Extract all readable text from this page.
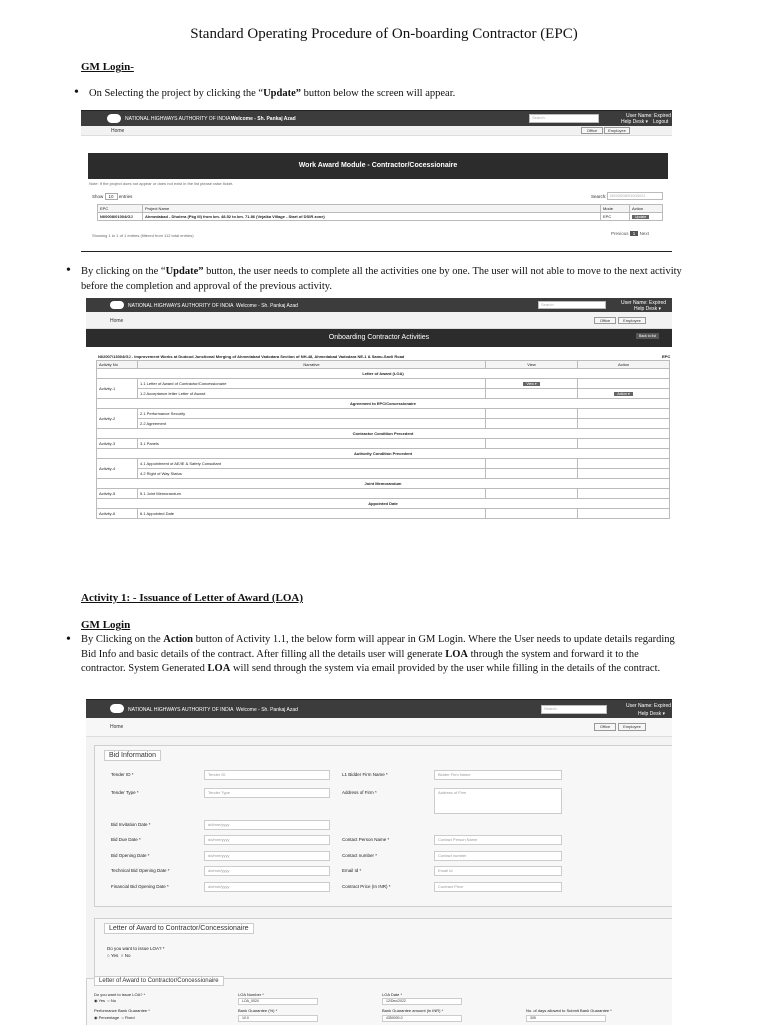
Standard Operating Procedure of On-boarding Contractor (EPC)
GM Login-
• On Selecting the project by clicking the “Update” button below the screen will appear.
NATIONAL HIGHWAYS AUTHORITY OF INDIA Welcome - Sh. Pankaj Azad	Search	User Name: Expired
Help Desk ▾ Logout
Home	Office	Employee
Work Award Module - Contractor/Cocessionaire
Note: If the project does not appear or does not exist in the list please raise ticket.
Show 10 entries	Search: NXI/0008/01004/GJ
EPC	Project Name	Mode	Action
NI/0008/01004/GJ	Ahmedabad - Dholera (Pkg III) from km. 48.52 to km. 71.86 (Vejalka Village - Start of DSIR zone)	EPC	Update
Showing 1 to 1 of 1 entries (filtered from 112 total entries)	Previous 1 Next
• By clicking on the “Update” button, the user needs to complete all the activities one by one. The user will not able to move to the next activity before the completion and approval of the previous activity.
NATIONAL HIGHWAYS AUTHORITY OF INDIA Welcome - Sh. Pankaj Azad	Search	User Name: Expired
Help Desk ▾
Home	Office	Employee
Onboarding Contractor Activities	Back to list
NI/2007/13004/GJ - Improvement Works at Dudood Junctional Merging of Ahmedabad Vadodara Section of NH-48, Ahmedabad Vadodara NE-1 & Samu-Savli Road	EPC
Activity No	Narrative	View	Action
Letter of Award (LOA)			
Activity-1	1.1 Letter of Award of Contractor/Concessionaire	View ▾	
	1.2 Acceptance letter Letter of Award		Action ▾
Agreement to EPC/Concessionaire			
Activity-2	2.1 Performance Security		
	2.2 Agreement		
Contractor Condition Precedent			
Activity-3	3.1 Panels		
Authority Condition Precedent			
Activity-4	4.1 Appointment of AE/IE & Safety Consultant		
	4.2 Right of Way Status		
Joint Memorandum			
Activity-5	5.1 Joint Memorandum		
Appointed Date			
Activity-6	6.1 Appointed Date		
Activity 1: - Issuance of Letter of Award (LOA)
GM Login
• By Clicking on the Action button of Activity 1.1, the below form will appear in GM Login. Where the User needs to update details regarding Bid Info and basic details of the contract. After filling all the details user will generate LOA through the system and forward it to the contractor. System Generated LOA will send through the system via email provided by the user while filling in the details of the contract.
NATIONAL HIGHWAYS AUTHORITY OF INDIA Welcome - Sh. Pankaj Azad	Search	User Name: Expired
Help Desk ▾
Home	Office	Employee
Bid Information
Tender ID *	Tender ID
Tender Type *	Tender Type
Bid Invitation Date *	dd/mm/yyyy
Bid Due Date *	dd/mm/yyyy
Bid Opening Date *	dd/mm/yyyy
Technical Bid Opening Date *	dd/mm/yyyy
Financial Bid Opening Date *	dd/mm/yyyy
L1 Bidder Firm Name *	Bidder Firm Name
Address of Firm *	Address of Firm
Contact Person Name *	Contact Person Name
Contact number *	Contact number
Email Id *	Email Id
Contract Price (In INR) *	Contract Price
Letter of Award to Contractor/Concessionaire
Do you want to issue LOA? *
○ Yes ○ No
Letter of Award to Contractor/Concessionaire
Do you want to issue LOA? *
◉ Yes ○ No
LOA Number *
LOA_0024
LOA Date *
12/Dec/2022
Performance Bank Guarantee *
◉ Percentage ○ Fixed
Bank Guarantee (%) *
10.0
Bank Guarantee amount (in INR) *
4350000.0
No. of days allowed to Submit Bank Guarantee *
305
